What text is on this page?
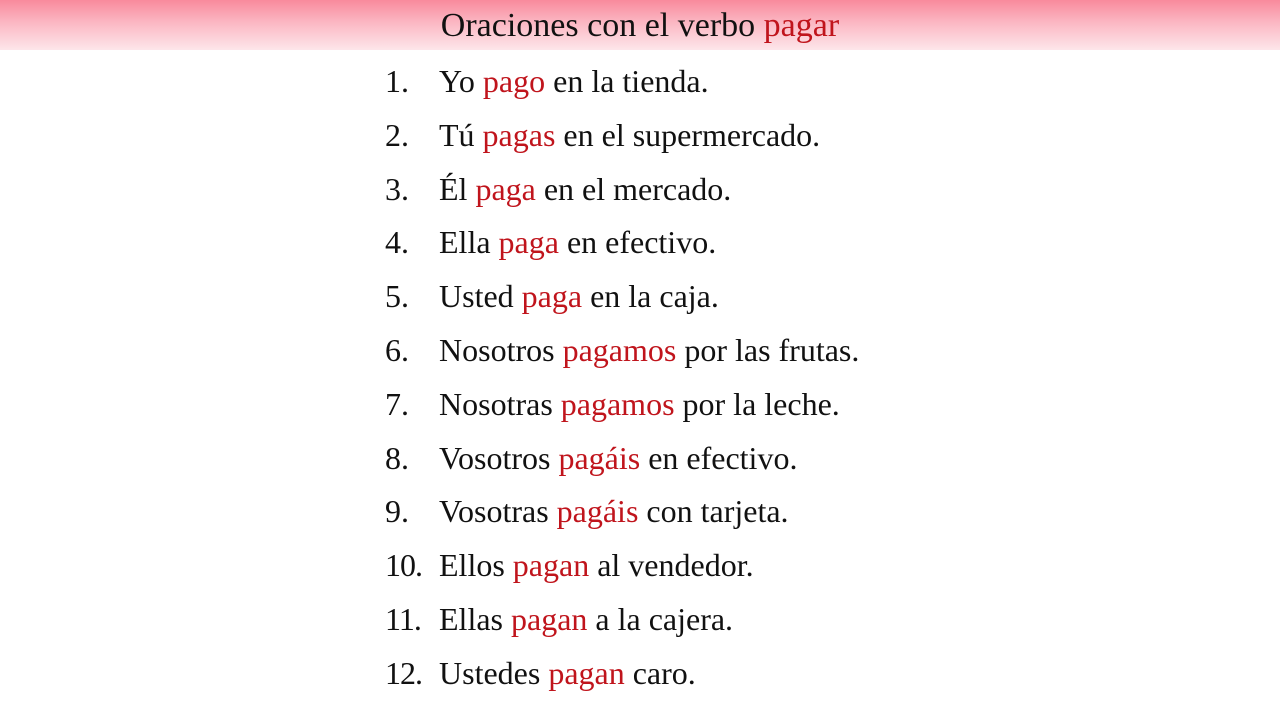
Oraciones con el verbo pagar
1. Yo pago en la tienda.
2. Tú pagas en el supermercado.
3. Él paga en el mercado.
4. Ella paga en efectivo.
5. Usted paga en la caja.
6. Nosotros pagamos por las frutas.
7. Nosotras pagamos por la leche.
8. Vosotros pagáis en efectivo.
9. Vosotras pagáis con tarjeta.
10. Ellos pagan al vendedor.
11. Ellas pagan a la cajera.
12. Ustedes pagan caro.
